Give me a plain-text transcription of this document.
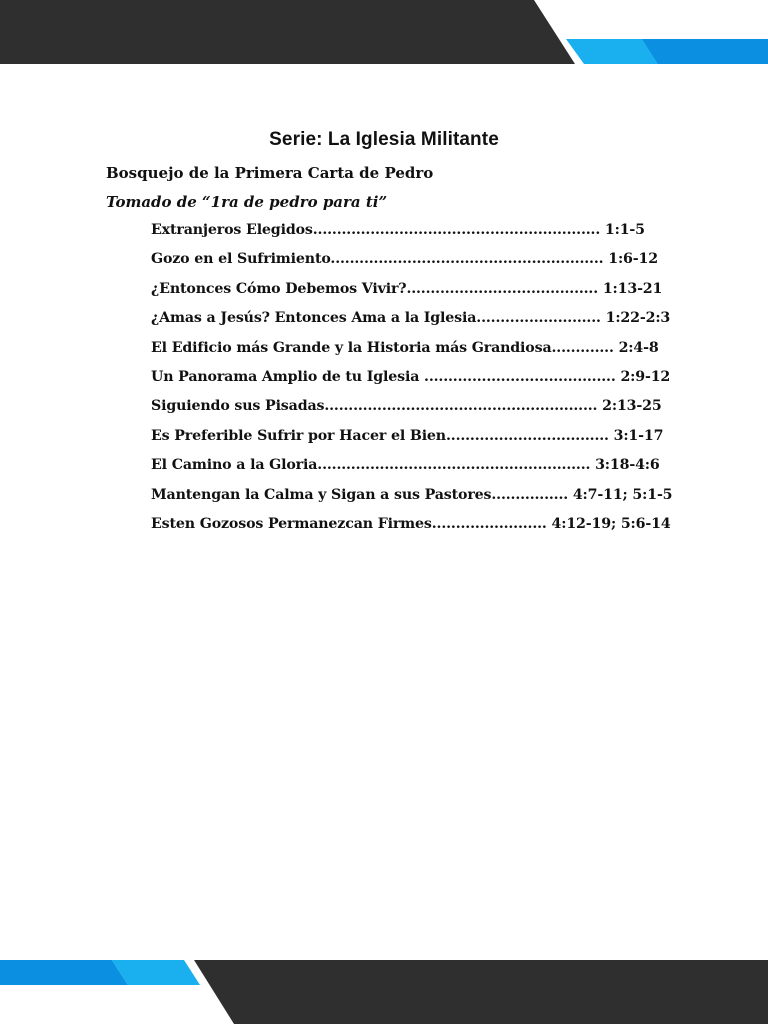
Serie: La Iglesia Militante
Bosquejo de la Primera Carta de Pedro
Tomado de “1ra de pedro para ti”
Extranjeros Elegidos............................................................ 1:1-5
Gozo en el Sufrimiento......................................................... 1:6-12
¿Entonces Cómo Debemos Vivir?........................................ 1:13-21
¿Amas a Jesús? Entonces Ama a la Iglesia.......................... 1:22-2:3
El Edificio más Grande y la Historia más Grandiosa............. 2:4-8
Un Panorama Amplio de tu Iglesia ........................................ 2:9-12
Siguiendo sus Pisadas......................................................... 2:13-25
Es Preferible Sufrir por Hacer el Bien.................................. 3:1-17
El Camino a la Gloria......................................................... 3:18-4:6
Mantengan la Calma y Sigan a sus Pastores................ 4:7-11; 5:1-5
Esten Gozosos Permanezcan Firmes........................ 4:12-19; 5:6-14
